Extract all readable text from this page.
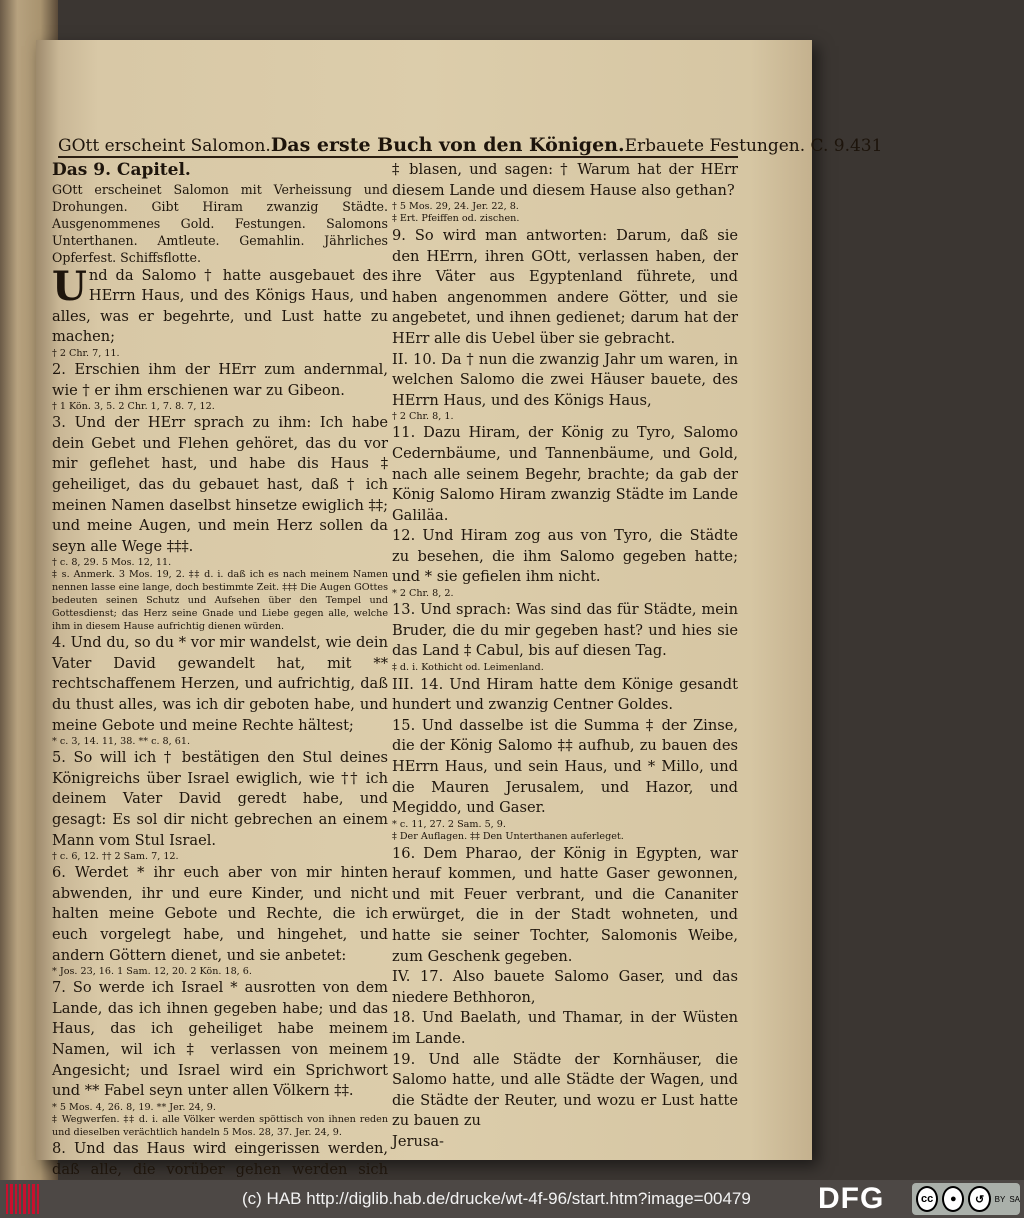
GOtt erscheint Salomon. Das erste Buch von den Königen. Erbauete Festungen. C. 9. 431

Das 9. Capitel.

GOtt erscheinet Salomon mit Verheissung und Drohungen. Gibt Hiram zwanzig Städte. Ausgenommenes Gold. Festungen. Salomons Unterthanen. Amtleute. Gemahlin. Jährliches Opferfest. Schiffsflotte.

Und da Salomo † hatte ausgebauet des HErrn Haus, und des Königs Haus, und alles, was er begehrte, und Lust hatte zu machen;

† 2 Chr. 7, 11.

2. Erschien ihm der HErr zum andernmal, wie † er ihm erschienen war zu Gibeon.

† 1 Kön. 3, 5. 2 Chr. 1, 7. 8. 7, 12.

3. Und der HErr sprach zu ihm: Ich habe dein Gebet und Flehen gehöret, das du vor mir geflehet hast, und habe dis Haus ‡ geheiliget, das du gebauet hast, daß † ich meinen Namen daselbst hinsetze ewiglich ‡‡; und meine Augen, und mein Herz sollen da seyn alle Wege ‡‡‡.

† c. 8, 29. 5 Mos. 12, 11.

‡ s. Anmerk. 3 Mos. 19, 2. ‡‡ d. i. daß ich es nach meinem Namen nennen lasse eine lange, doch bestimmte Zeit. ‡‡‡ Die Augen GOttes bedeuten seinen Schutz und Aufsehen über den Tempel und Gottesdienst; das Herz seine Gnade und Liebe gegen alle, welche ihm in diesem Hause aufrichtig dienen würden.

4. Und du, so du * vor mir wandelst, wie dein Vater David gewandelt hat, mit ** rechtschaffenem Herzen, und aufrichtig, daß du thust alles, was ich dir geboten habe, und meine Gebote und meine Rechte hältest;

* c. 3, 14. 11, 38. ** c. 8, 61.

5. So will ich † bestätigen den Stul deines Königreichs über Israel ewiglich, wie †† ich deinem Vater David geredt habe, und gesagt: Es sol dir nicht gebrechen an einem Mann vom Stul Israel.

† c. 6, 12. †† 2 Sam. 7, 12.

6. Werdet * ihr euch aber von mir hinten abwenden, ihr und eure Kinder, und nicht halten meine Gebote und Rechte, die ich euch vorgelegt habe, und hingehet, und andern Göttern dienet, und sie anbetet:

* Jos. 23, 16. 1 Sam. 12, 20. 2 Kön. 18, 6.

7. So werde ich Israel * ausrotten von dem Lande, das ich ihnen gegeben habe; und das Haus, das ich geheiliget habe meinem Namen, wil ich ‡ verlassen von meinem Angesicht; und Israel wird ein Sprichwort und ** Fabel seyn unter allen Völkern ‡‡.

* 5 Mos. 4, 26. 8, 19. ** Jer. 24, 9.

‡ Wegwerfen. ‡‡ d. i. alle Völker werden spöttisch von ihnen reden und dieselben verächtlich handeln 5 Mos. 28, 37. Jer. 24, 9.

8. Und das Haus wird eingerissen werden, daß alle, die vorüber gehen werden sich

‡ blasen, und sagen: † Warum hat der HErr diesem Lande und diesem Hause also gethan?

† 5 Mos. 29, 24. Jer. 22, 8.

‡ Ert. Pfeiffen od. zischen.

9. So wird man antworten: Darum, daß sie den HErrn, ihren GOtt, verlassen haben, der ihre Väter aus Egyptenland führete, und haben angenommen andere Götter, und sie angebetet, und ihnen gedienet; darum hat der HErr alle dis Uebel über sie gebracht.

II. 10. Da † nun die zwanzig Jahr um waren, in welchen Salomo die zwei Häuser bauete, des HErrn Haus, und des Königs Haus,

† 2 Chr. 8, 1.

11. Dazu Hiram, der König zu Tyro, Salomo Cedernbäume, und Tannenbäume, und Gold, nach alle seinem Begehr, brachte; da gab der König Salomo Hiram zwanzig Städte im Lande Galiläa.

12. Und Hiram zog aus von Tyro, die Städte zu besehen, die ihm Salomo gegeben hatte; und * sie gefielen ihm nicht.

* 2 Chr. 8, 2.

13. Und sprach: Was sind das für Städte, mein Bruder, die du mir gegeben hast? und hies sie das Land ‡ Cabul, bis auf diesen Tag.

‡ d. i. Kothicht od. Leimenland.

III. 14. Und Hiram hatte dem Könige gesandt hundert und zwanzig Centner Goldes.

15. Und dasselbe ist die Summa ‡ der Zinse, die der König Salomo ‡‡ aufhub, zu bauen des HErrn Haus, und sein Haus, und * Millo, und die Mauren Jerusalem, und Hazor, und Megiddo, und Gaser.

* c. 11, 27. 2 Sam. 5, 9.

‡ Der Auflagen. ‡‡ Den Unterthanen auferleget.

16. Dem Pharao, der König in Egypten, war herauf kommen, und hatte Gaser gewonnen, und mit Feuer verbrant, und die Cananiter erwürget, die in der Stadt wohneten, und hatte sie seiner Tochter, Salomonis Weibe, zum Geschenk gegeben.

IV. 17. Also bauete Salomo Gaser, und das niedere Bethhoron,

18. Und Baelath, und Thamar, in der Wüsten im Lande.

19. Und alle Städte der Kornhäuser, die Salomo hatte, und alle Städte der Wagen, und die Städte der Reuter, und wozu er Lust hatte zu bauen zu

Jerusa-

(c) HAB http://diglib.hab.de/drucke/wt-4f-96/start.htm?image=00479 DFG	cc	●	↺	BY SA
